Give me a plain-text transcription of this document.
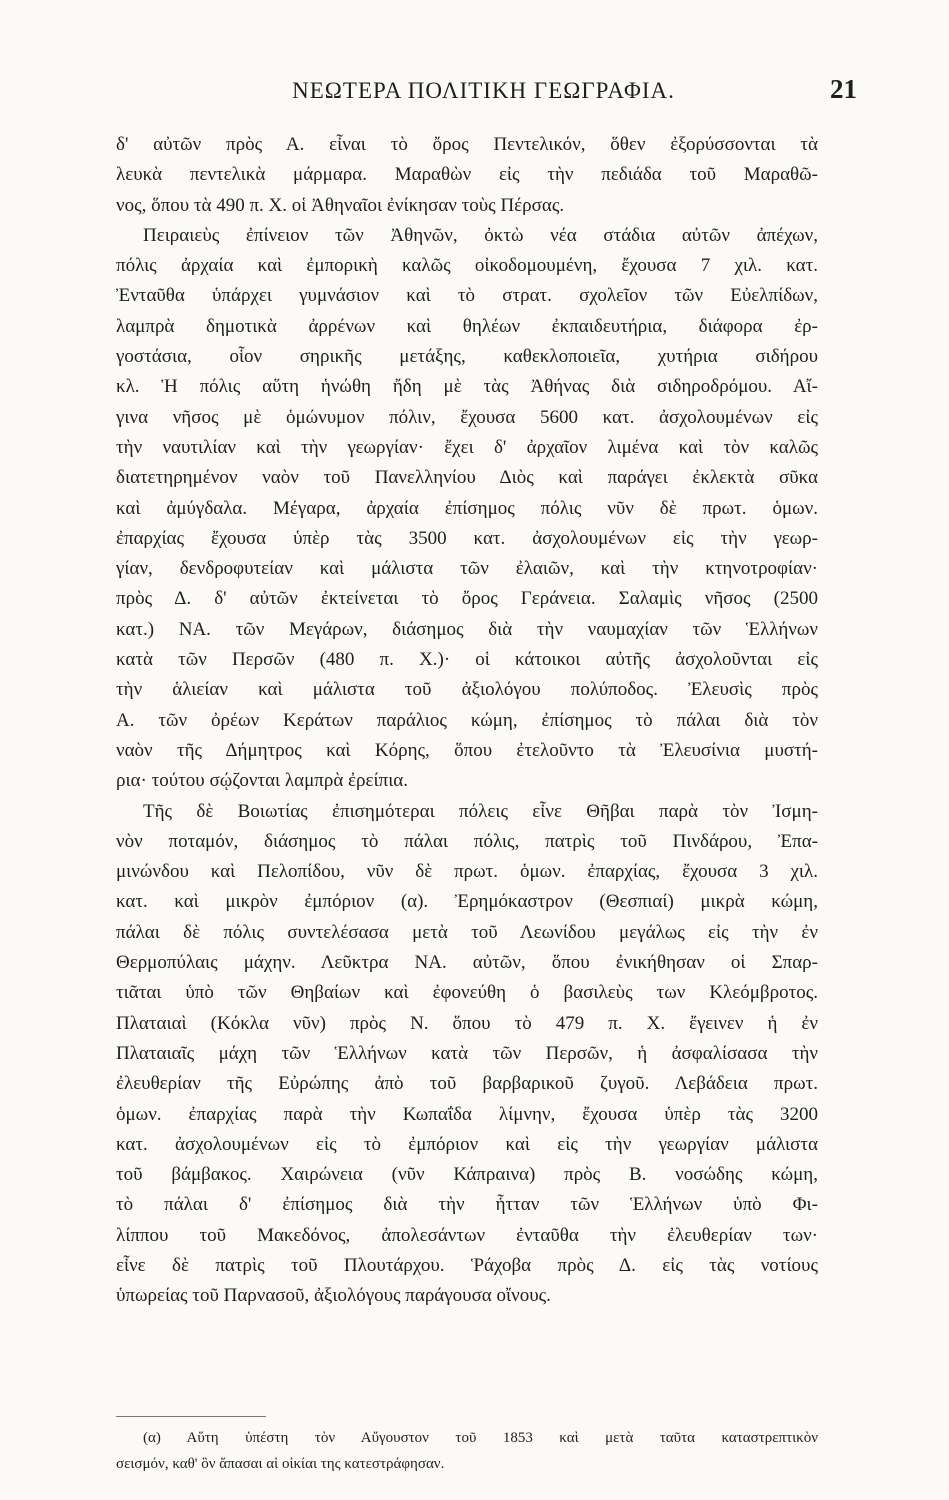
ΝΕΩΤΕΡΑ ΠΟΛΙΤΙΚΗ ΓΕΩΓΡΑΦΙΑ.	21
δ' αὐτῶν πρὸς Α. εἶναι τὸ ὄρος Πεντελικόν, ὅθεν ἐξορύσσονται τὰ
λευκὰ πεντελικὰ μάρμαρα. Μαραθὼν εἰς τὴν πεδιάδα τοῦ Μαραθῶ-
νος, ὅπου τὰ 490 π. Χ. οἱ Ἀθηναῖοι ἐνίκησαν τοὺς Πέρσας.
Πειραιεὺς ἐπίνειον τῶν Ἀθηνῶν, ὀκτὼ νέα στάδια αὐτῶν ἀπέχων,
πόλις ἀρχαία καὶ ἐμπορικὴ καλῶς οἰκοδομουμένη, ἔχουσα 7 χιλ. κατ.
Ἐνταῦθα ὑπάρχει γυμνάσιον καὶ τὸ στρατ. σχολεῖον τῶν Εὐελπίδων,
λαμπρὰ δημοτικὰ ἀρρένων καὶ θηλέων ἐκπαιδευτήρια, διάφορα ἐρ-
γοστάσια, οἷον σηρικῆς μετάξης, καθεκλοποιεῖα, χυτήρια σιδήρου
κλ. Ἡ πόλις αὕτη ἡνώθη ἤδη μὲ τὰς Ἀθήνας διὰ σιδηροδρόμου. Αἴ-
γινα νῆσος μὲ ὁμώνυμον πόλιν, ἔχουσα 5600 κατ. ἀσχολουμένων εἰς
τὴν ναυτιλίαν καὶ τὴν γεωργίαν· ἔχει δ' ἀρχαῖον λιμένα καὶ τὸν καλῶς
διατετηρημένον ναὸν τοῦ Πανελληνίου Διὸς καὶ παράγει ἐκλεκτὰ σῦκα
καὶ ἀμύγδαλα. Μέγαρα, ἀρχαία ἐπίσημος πόλις νῦν δὲ πρωτ. ὁμων.
ἐπαρχίας ἔχουσα ὑπὲρ τὰς 3500 κατ. ἀσχολουμένων εἰς τὴν γεωρ-
γίαν, δενδροφυτείαν καὶ μάλιστα τῶν ἐλαιῶν, καὶ τὴν κτηνοτροφίαν·
πρὸς Δ. δ' αὐτῶν ἐκτείνεται τὸ ὄρος Γεράνεια. Σαλαμὶς νῆσος (2500
κατ.) ΝΑ. τῶν Μεγάρων, διάσημος διὰ τὴν ναυμαχίαν τῶν Ἑλλήνων
κατὰ τῶν Περσῶν (480 π. Χ.)· οἱ κάτοικοι αὐτῆς ἀσχολοῦνται εἰς
τὴν ἁλιείαν καὶ μάλιστα τοῦ ἀξιολόγου πολύποδος. Ἐλευσὶς πρὸς
Α. τῶν ὀρέων Κεράτων παράλιος κώμη, ἐπίσημος τὸ πάλαι διὰ τὸν
ναὸν τῆς Δήμητρος καὶ Κόρης, ὅπου ἐτελοῦντο τὰ Ἐλευσίνια μυστή-
ρια· τούτου σῴζονται λαμπρὰ ἐρείπια.
Τῆς δὲ Βοιωτίας ἐπισημότεραι πόλεις εἶνε Θῆβαι παρὰ τὸν Ἰσμη-
νὸν ποταμόν, διάσημος τὸ πάλαι πόλις, πατρὶς τοῦ Πινδάρου, Ἐπα-
μινώνδου καὶ Πελοπίδου, νῦν δὲ πρωτ. ὁμων. ἐπαρχίας, ἔχουσα 3 χιλ.
κατ. καὶ μικρὸν ἐμπόριον (α). Ἐρημόκαστρον (Θεσπιαί) μικρὰ κώμη,
πάλαι δὲ πόλις συντελέσασα μετὰ τοῦ Λεωνίδου μεγάλως εἰς τὴν ἐν
Θερμοπύλαις μάχην. Λεῦκτρα ΝΑ. αὐτῶν, ὅπου ἐνικήθησαν οἱ Σπαρ-
τιᾶται ὑπὸ τῶν Θηβαίων καὶ ἐφονεύθη ὁ βασιλεὺς των Κλεόμβροτος.
Πλαταιαὶ (Κόκλα νῦν) πρὸς Ν. ὅπου τὸ 479 π. Χ. ἔγεινεν ἡ ἐν
Πλαταιαῖς μάχη τῶν Ἑλλήνων κατὰ τῶν Περσῶν, ἡ ἀσφαλίσασα τὴν
ἐλευθερίαν τῆς Εὐρώπης ἀπὸ τοῦ βαρβαρικοῦ ζυγοῦ. Λεβάδεια πρωτ.
ὁμων. ἐπαρχίας παρὰ τὴν Κωπαΐδα λίμνην, ἔχουσα ὑπὲρ τὰς 3200
κατ. ἀσχολουμένων εἰς τὸ ἐμπόριον καὶ εἰς τὴν γεωργίαν μάλιστα
τοῦ βάμβακος. Χαιρώνεια (νῦν Κάπραινα) πρὸς Β. νοσώδης κώμη,
τὸ πάλαι δ' ἐπίσημος διὰ τὴν ἧτταν τῶν Ἑλλήνων ὑπὸ Φι-
λίππου τοῦ Μακεδόνος, ἀπολεσάντων ἐνταῦθα τὴν ἐλευθερίαν των·
εἶνε δὲ πατρὶς τοῦ Πλουτάρχου. Ῥάχοβα πρὸς Δ. εἰς τὰς νοτίους
ὑπωρείας τοῦ Παρνασοῦ, ἀξιολόγους παράγουσα οἴνους.
(α) Αὕτη ὑπέστη τὸν Αὔγουστον τοῦ 1853 καὶ μετὰ ταῦτα καταστρεπτικὸν
σεισμόν, καθ' ὃν ἅπασαι αἱ οἰκίαι της κατεστράφησαν.
